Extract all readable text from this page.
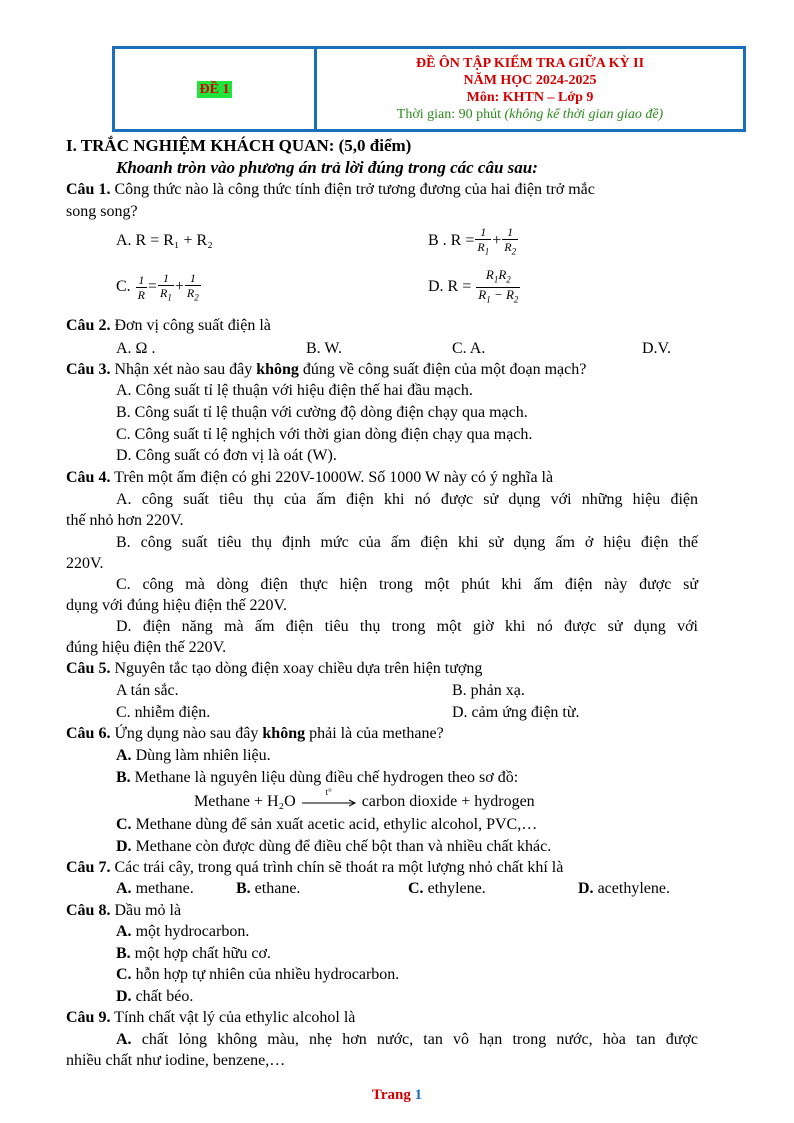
ĐỀ 1
ĐỀ ÔN TẬP KIỂM TRA GIỮA KỲ II
NĂM HỌC 2024-2025
Môn: KHTN – Lớp 9
Thời gian: 90 phút (không kể thời gian giao đề)
I. TRẮC NGHIỆM KHÁCH QUAN: (5,0 điểm)
Khoanh tròn vào phương án trả lời đúng trong các câu sau:
Câu 1. Công thức nào là công thức tính điện trở tương đương của hai điện trở mắc
song song?
A. R = R₁ + R₂	B . $R = \frac{1}{R_1} + \frac{1}{R_2}$
C. $\frac{1}{R} = \frac{1}{R_1} + \frac{1}{R_2}$	D. $R = \frac{R_1R_2}{R_1 - R_2}$
Câu 2. Đơn vị công suất điện là
A. Ω .	B. W.	C. A.	D.V.
Câu 3. Nhận xét nào sau đây không đúng về công suất điện của một đoạn mạch?
A. Công suất tỉ lệ thuận với hiệu điện thế hai đầu mạch.
B. Công suất tỉ lệ thuận với cường độ dòng điện chạy qua mạch.
C. Công suất tỉ lệ nghịch với thời gian dòng điện chạy qua mạch.
D. Công suất có đơn vị là oát (W).
Câu 4. Trên một ấm điện có ghi 220V-1000W. Số 1000 W này có ý nghĩa là
A. công suất tiêu thụ của ấm điện khi nó được sử dụng với những hiệu điện
thế nhỏ hơn 220V.
B. công suất tiêu thụ định mức của ấm điện khi sử dụng ấm ở hiệu điện thế
220V.
C. công mà dòng điện thực hiện trong một phút khi ấm điện này được sử
dụng với đúng hiệu điện thế 220V.
D. điện năng mà ấm điện tiêu thụ trong một giờ khi nó được sử dụng với
đúng hiệu điện thế 220V.
Câu 5. Nguyên tắc tạo dòng điện xoay chiều dựa trên hiện tượng
A tán sắc.	B. phản xạ.
C. nhiễm điện.	D. cảm ứng điện từ.
Câu 6. Ứng dụng nào sau đây không phải là của methane?
A. Dùng làm nhiên liệu.
B. Methane là nguyên liệu dùng điều chế hydrogen theo sơ đồ:
Methane + H₂O
t°
carbon dioxide + hydrogen
C. Methane dùng để sản xuất acetic acid, ethylic alcohol, PVC,…
D. Methane còn được dùng để điều chế bột than và nhiều chất khác.
Câu 7. Các trái cây, trong quá trình chín sẽ thoát ra một lượng nhỏ chất khí là
A. methane.	B. ethane.	C. ethylene.	D. acethylene.
Câu 8. Dầu mỏ là
A. một hydrocarbon.
B. một hợp chất hữu cơ.
C. hỗn hợp tự nhiên của nhiều hydrocarbon.
D. chất béo.
Câu 9. Tính chất vật lý của ethylic alcohol là
A. chất lỏng không màu, nhẹ hơn nước, tan vô hạn trong nước, hòa tan được
nhiều chất như iodine, benzene,…
Trang 1
